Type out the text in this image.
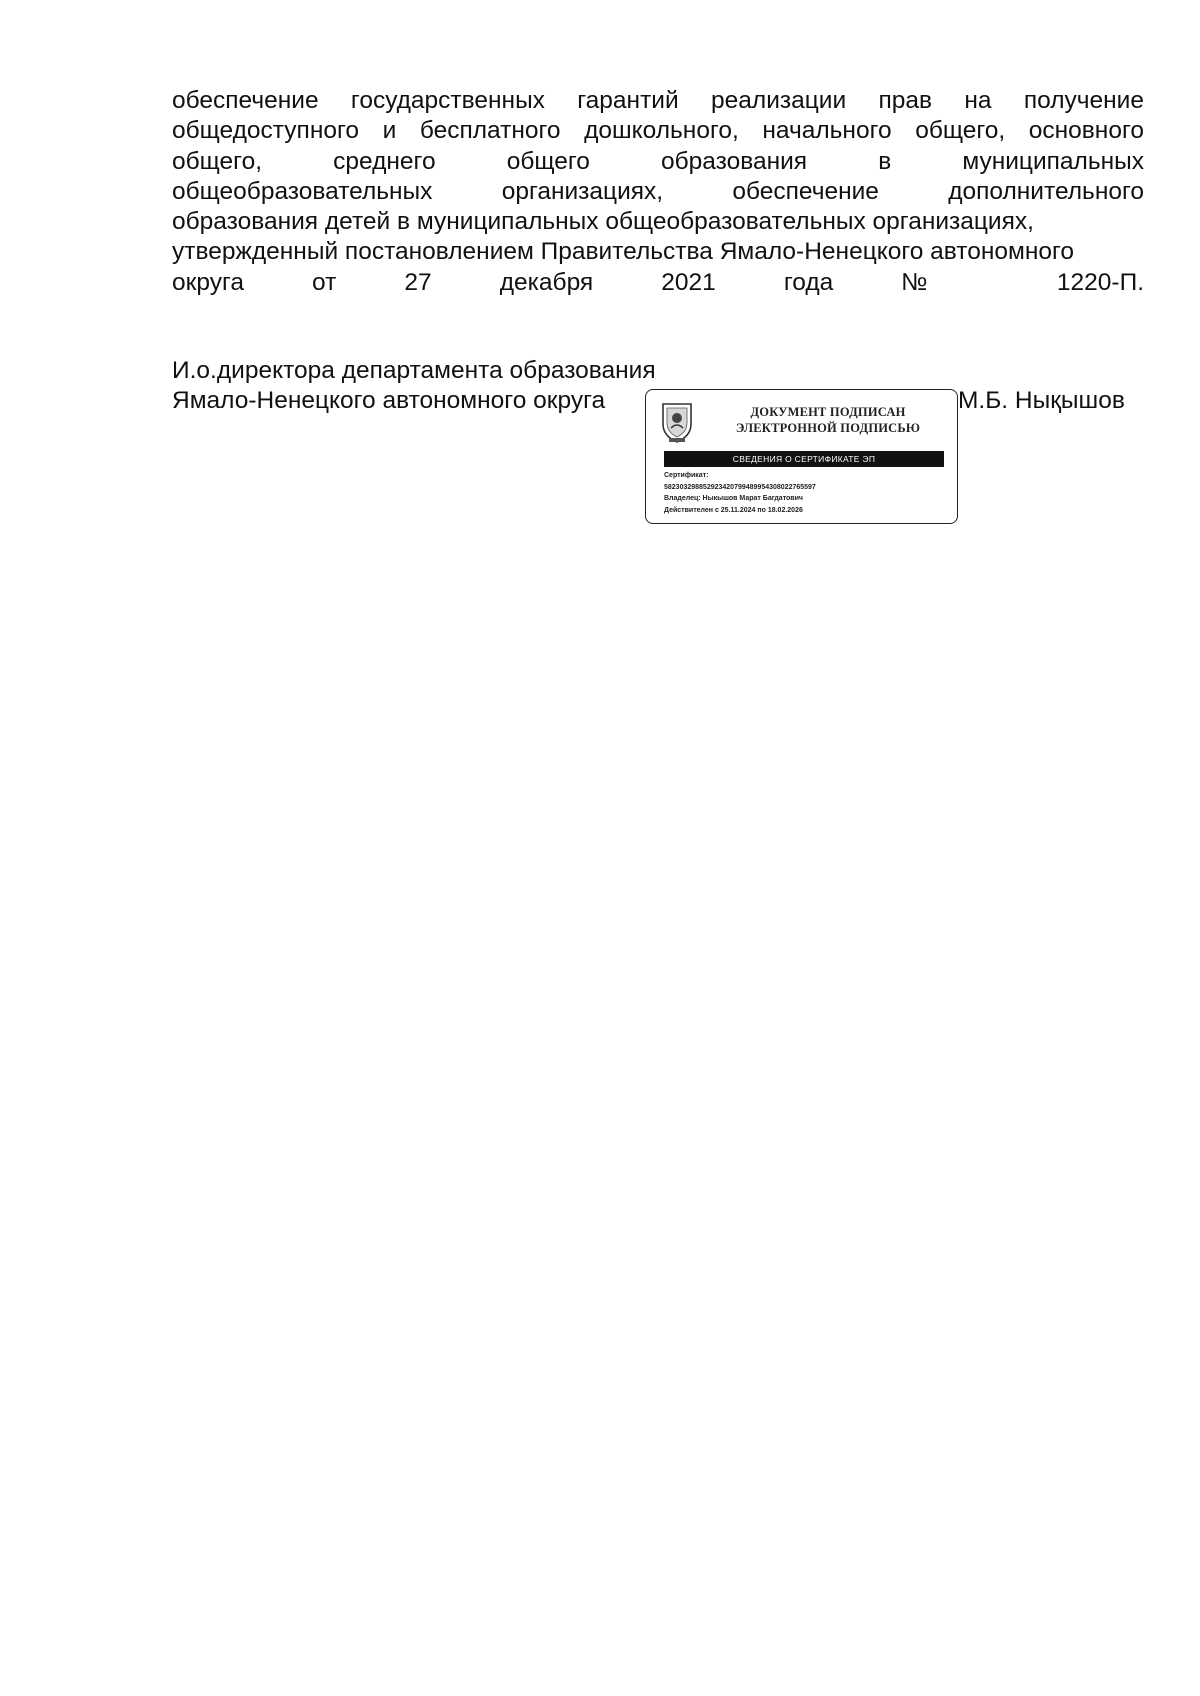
обеспечение государственных гарантий реализации прав на получение
общедоступного и бесплатного дошкольного, начального общего, основного
общего, среднего общего образования в муниципальных
общеобразовательных организациях, обеспечение дополнительного
образования детей в муниципальных общеобразовательных организациях,
утвержденный постановлением Правительства Ямало-Ненецкого автономного
округа от 27 декабря 2021 года № 1220-П.
И.о.директора департамента образования
Ямало-Ненецкого автономного округа	М.Б. Нықышов
ДОКУМЕНТ ПОДПИСАН
ЭЛЕКТРОННОЙ ПОДПИСЬЮ
СВЕДЕНИЯ О СЕРТИФИКАТЕ ЭП
Сертификат:
582303298852923420799489954308022765597
Владелец: Ныкышов Марат Багдатович
Действителен с 25.11.2024 по 18.02.2026
